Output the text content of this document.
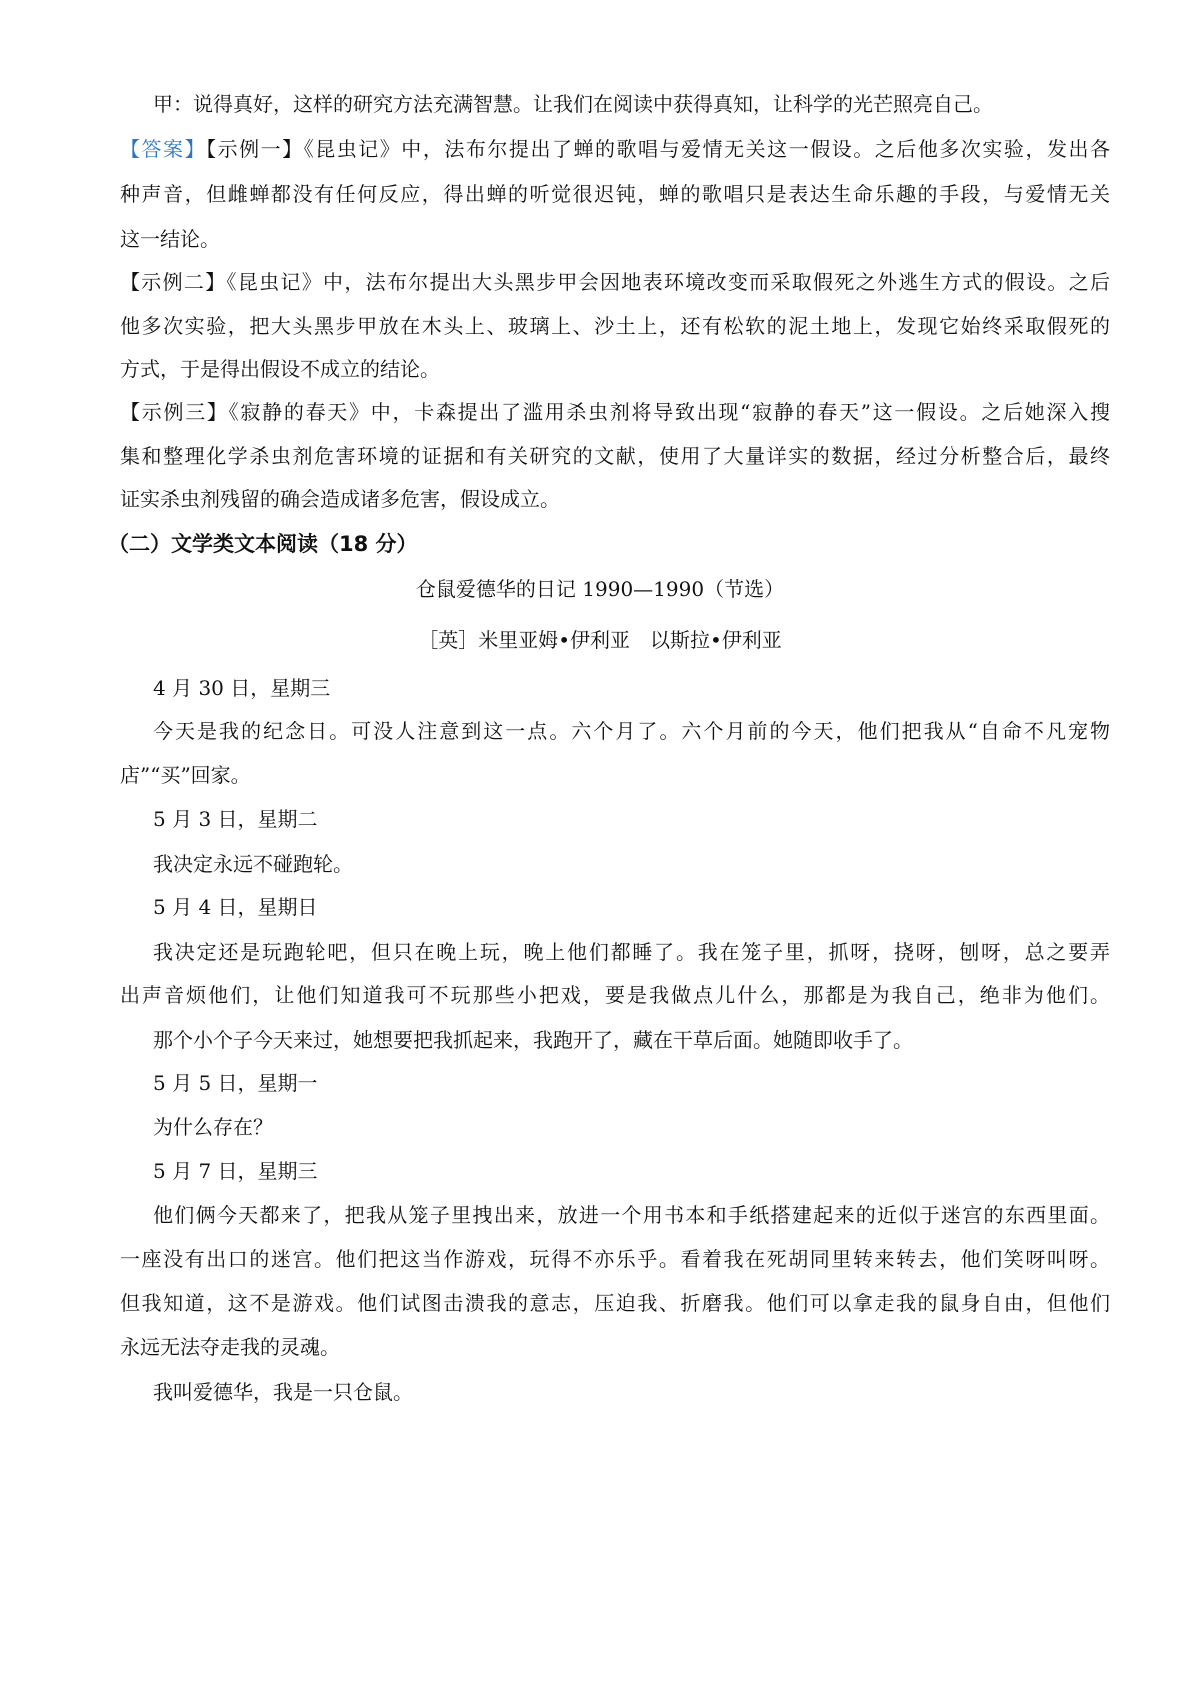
甲：说得真好，这样的研究方法充满智慧。让我们在阅读中获得真知，让科学的光芒照亮自己。
【答案】【示例一】《昆虫记》中，法布尔提出了蝉的歌唱与爱情无关这一假设。之后他多次实验，发出各
种声音，但雌蝉都没有任何反应，得出蝉的听觉很迟钝，蝉的歌唱只是表达生命乐趣的手段，与爱情无关
这一结论。
【示例二】《昆虫记》中，法布尔提出大头黑步甲会因地表环境改变而采取假死之外逃生方式的假设。之后
他多次实验，把大头黑步甲放在木头上、玻璃上、沙土上，还有松软的泥土地上，发现它始终采取假死的
方式，于是得出假设不成立的结论。
【示例三】《寂静的春天》中，卡森提出了滥用杀虫剂将导致出现“寂静的春天”这一假设。之后她深入搜
集和整理化学杀虫剂危害环境的证据和有关研究的文献，使用了大量详实的数据，经过分析整合后，最终
证实杀虫剂残留的确会造成诸多危害，假设成立。
（二）文学类文本阅读（18 分）
仓鼠爱德华的日记 1990—1990（节选）
［英］米里亚姆•伊利亚　以斯拉•伊利亚
4 月 30 日，星期三
今天是我的纪念日。可没人注意到这一点。六个月了。六个月前的今天，他们把我从“自命不凡宠物
店”“买”回家。
5 月 3 日，星期二
我决定永远不碰跑轮。
5 月 4 日，星期日
我决定还是玩跑轮吧，但只在晚上玩，晚上他们都睡了。我在笼子里，抓呀，挠呀，刨呀，总之要弄
出声音烦他们，让他们知道我可不玩那些小把戏，要是我做点儿什么，那都是为我自己，绝非为他们。
那个小个子今天来过，她想要把我抓起来，我跑开了，藏在干草后面。她随即收手了。
5 月 5 日，星期一
为什么存在？
5 月 7 日，星期三
他们俩今天都来了，把我从笼子里拽出来，放进一个用书本和手纸搭建起来的近似于迷宫的东西里面。
一座没有出口的迷宫。他们把这当作游戏，玩得不亦乐乎。看着我在死胡同里转来转去，他们笑呀叫呀。
但我知道，这不是游戏。他们试图击溃我的意志，压迫我、折磨我。他们可以拿走我的鼠身自由，但他们
永远无法夺走我的灵魂。
我叫爱德华，我是一只仓鼠。
